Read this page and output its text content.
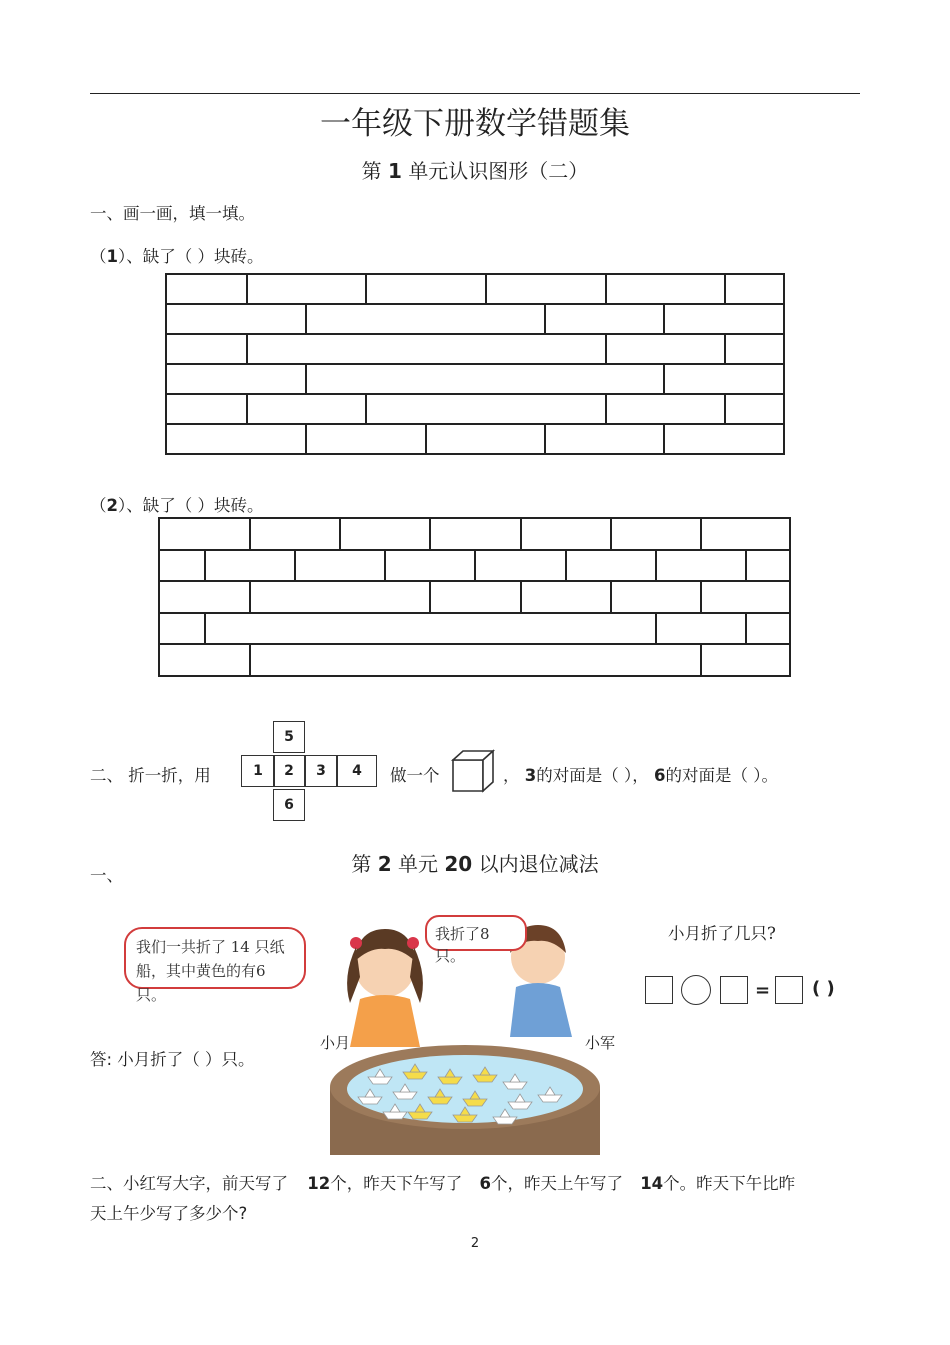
一年级下册数学错题集
第 1 单元认识图形（二）
一、画一画，填一填。
（1）、缺了（ ）块砖。
（2）、缺了（ ）块砖。
二、 折一折，用
5
1	2	3	4
6
做一个	， 3的对面是（ ）， 6的对面是（ ）。
第 2 单元 20 以内退位减法
一、
我们一共折了 14 只纸船，其中黄色的有6只。
我折了8只。
小月	小军
答: 小月折了（ ）只。
小月折了几只?
= ( )
二、小红写大字，前天写了 12个，昨天下午写了 6个，昨天上午写了 14个。昨天下午比昨
天上午少写了多少个?
2
